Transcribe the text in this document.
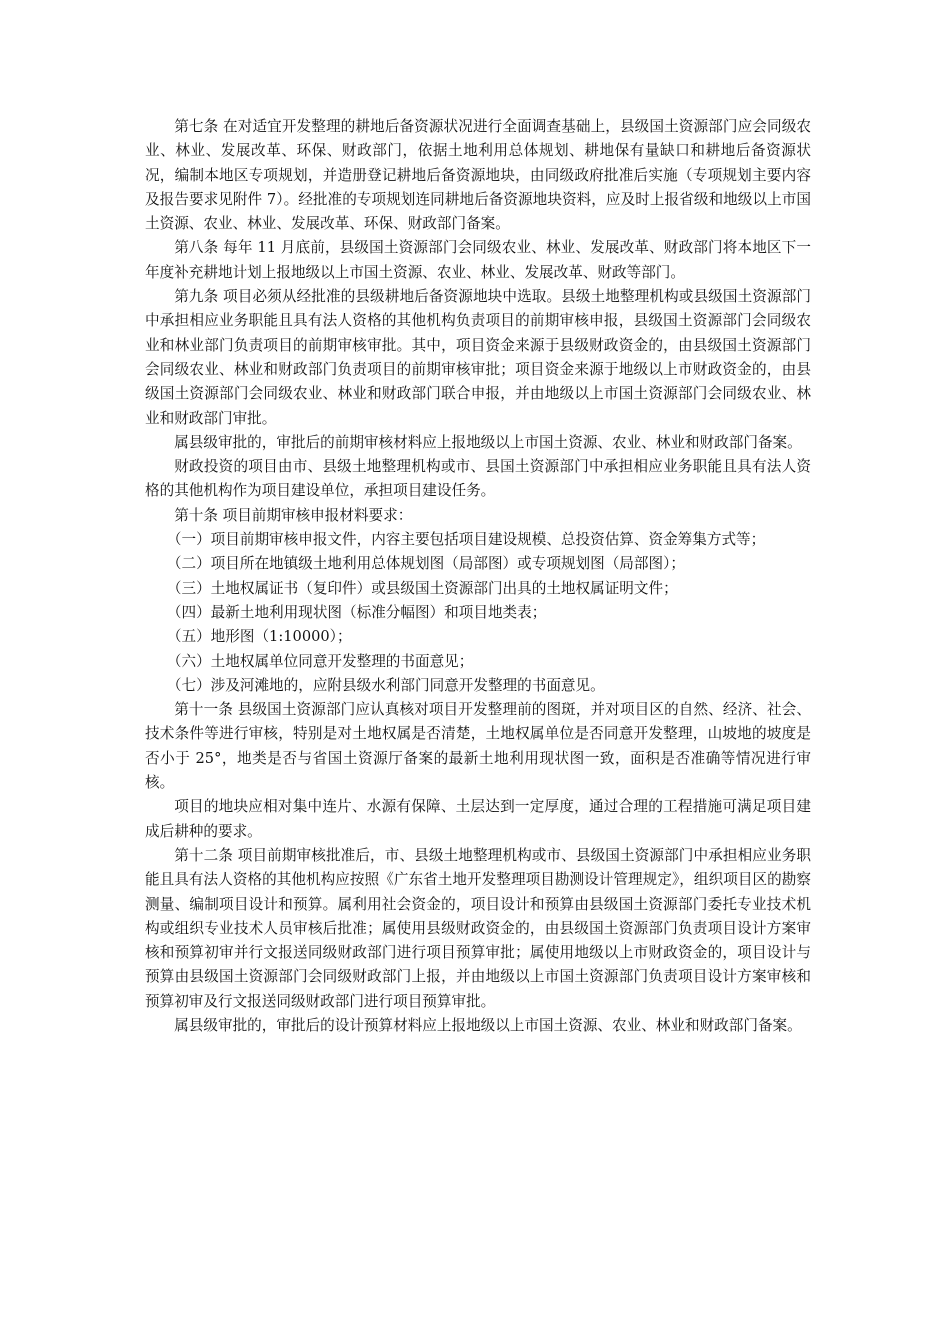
第七条 在对适宜开发整理的耕地后备资源状况进行全面调查基础上，县级国土资源部门应会同级农业、林业、发展改革、环保、财政部门，依据土地利用总体规划、耕地保有量缺口和耕地后备资源状况，编制本地区专项规划，并造册登记耕地后备资源地块，由同级政府批准后实施（专项规划主要内容及报告要求见附件 7）。经批准的专项规划连同耕地后备资源地块资料，应及时上报省级和地级以上市国土资源、农业、林业、发展改革、环保、财政部门备案。

第八条 每年 11 月底前，县级国土资源部门会同级农业、林业、发展改革、财政部门将本地区下一年度补充耕地计划上报地级以上市国土资源、农业、林业、发展改革、财政等部门。

第九条 项目必须从经批准的县级耕地后备资源地块中选取。县级土地整理机构或县级国土资源部门中承担相应业务职能且具有法人资格的其他机构负责项目的前期审核申报，县级国土资源部门会同级农业和林业部门负责项目的前期审核审批。其中，项目资金来源于县级财政资金的，由县级国土资源部门会同级农业、林业和财政部门负责项目的前期审核审批；项目资金来源于地级以上市财政资金的，由县级国土资源部门会同级农业、林业和财政部门联合申报，并由地级以上市国土资源部门会同级农业、林业和财政部门审批。

属县级审批的，审批后的前期审核材料应上报地级以上市国土资源、农业、林业和财政部门备案。

财政投资的项目由市、县级土地整理机构或市、县国土资源部门中承担相应业务职能且具有法人资格的其他机构作为项目建设单位，承担项目建设任务。

第十条 项目前期审核申报材料要求：

（一）项目前期审核申报文件，内容主要包括项目建设规模、总投资估算、资金筹集方式等；

（二）项目所在地镇级土地利用总体规划图（局部图）或专项规划图（局部图）；

（三）土地权属证书（复印件）或县级国土资源部门出具的土地权属证明文件；

（四）最新土地利用现状图（标准分幅图）和项目地类表；

（五）地形图（1:10000）；

（六）土地权属单位同意开发整理的书面意见；

（七）涉及河滩地的，应附县级水利部门同意开发整理的书面意见。

第十一条 县级国土资源部门应认真核对项目开发整理前的图斑，并对项目区的自然、经济、社会、技术条件等进行审核，特别是对土地权属是否清楚，土地权属单位是否同意开发整理，山坡地的坡度是否小于 25°，地类是否与省国土资源厅备案的最新土地利用现状图一致，面积是否准确等情况进行审核。

项目的地块应相对集中连片、水源有保障、土层达到一定厚度，通过合理的工程措施可满足项目建成后耕种的要求。

第十二条 项目前期审核批准后，市、县级土地整理机构或市、县级国土资源部门中承担相应业务职能且具有法人资格的其他机构应按照《广东省土地开发整理项目勘测设计管理规定》，组织项目区的勘察测量、编制项目设计和预算。属利用社会资金的，项目设计和预算由县级国土资源部门委托专业技术机构或组织专业技术人员审核后批准；属使用县级财政资金的，由县级国土资源部门负责项目设计方案审核和预算初审并行文报送同级财政部门进行项目预算审批；属使用地级以上市财政资金的，项目设计与预算由县级国土资源部门会同级财政部门上报，并由地级以上市国土资源部门负责项目设计方案审核和预算初审及行文报送同级财政部门进行项目预算审批。

属县级审批的，审批后的设计预算材料应上报地级以上市国土资源、农业、林业和财政部门备案。
